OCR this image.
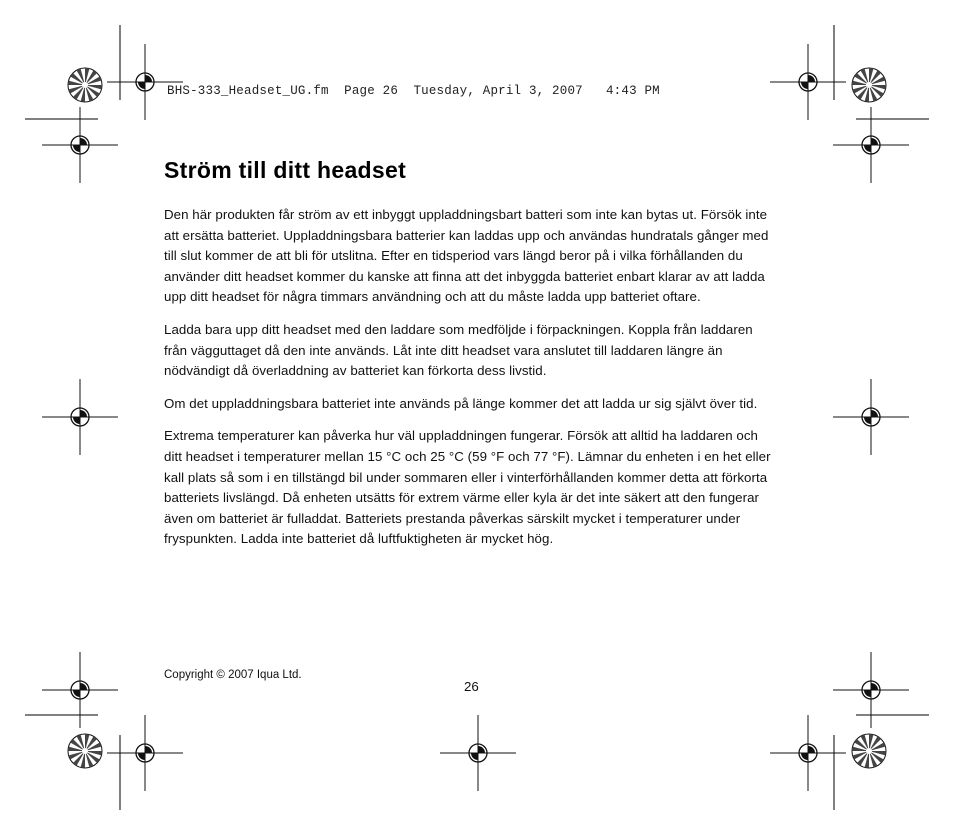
BHS-333_Headset_UG.fm  Page 26  Tuesday, April 3, 2007   4:43 PM
Ström till ditt headset

Den här produkten får ström av ett inbyggt uppladdningsbart batteri som inte kan bytas ut. Försök inte att ersätta batteriet. Uppladdningsbara batterier kan laddas upp och användas hundratals gånger med till slut kommer de att bli för utslitna. Efter en tidsperiod vars längd beror på i vilka förhållanden du använder ditt headset kommer du kanske att finna att det inbyggda batteriet enbart klarar av att ladda upp ditt headset för några timmars användning och att du måste ladda upp batteriet oftare.

Ladda bara upp ditt headset med den laddare som medföljde i förpackningen. Koppla från laddaren från vägguttaget då den inte används. Låt inte ditt headset vara anslutet till laddaren längre än nödvändigt då överladdning av batteriet kan förkorta dess livstid.

Om det uppladdningsbara batteriet inte används på länge kommer det att ladda ur sig självt över tid.

Extrema temperaturer kan påverka hur väl uppladdningen fungerar. Försök att alltid ha laddaren och ditt headset i temperaturer mellan 15 °C och 25 °C (59 °F och 77 °F). Lämnar du enheten i en het eller kall plats så som i en tillstängd bil under sommaren eller i vinterförhållanden kommer detta att förkorta batteriets livslängd. Då enheten utsätts för extrem värme eller kyla är det inte säkert att den fungerar även om batteriet är fulladdat. Batteriets prestanda påverkas särskilt mycket i temperaturer under fryspunkten. Ladda inte batteriet då luftfuktigheten är mycket hög.

Copyright © 2007 Iqua Ltd.
26
